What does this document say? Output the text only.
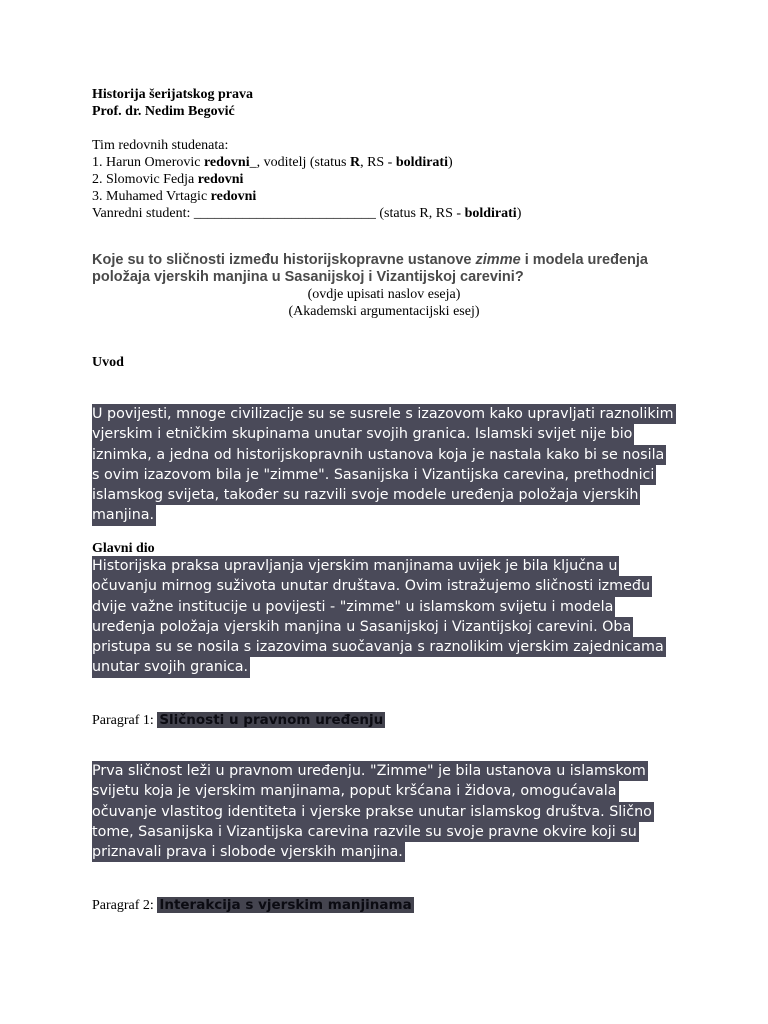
Historija šerijatskog prava
Prof. dr. Nedim Begović
Tim redovnih studenata:
1. Harun Omerovic redovni_, voditelj (status R, RS - boldirati)
2. Slomovic Fedja redovni
3. Muhamed Vrtagic redovni
Vanredni student: __________________________ (status R, RS - boldirati)
Koje su to sličnosti između historijskopravne ustanove zimme i modela uređenja
položaja vjerskih manjina u Sasanijskoj i Vizantijskoj carevini?
(ovdje upisati naslov eseja)
(Akademski argumentacijski esej)
Uvod
U povijesti, mnoge civilizacije su se susrele s izazovom kako upravljati raznolikim
vjerskim i etničkim skupinama unutar svojih granica. Islamski svijet nije bio
iznimka, a jedna od historijskopravnih ustanova koja je nastala kako bi se nosila
s ovim izazovom bila je "zimme". Sasanijska i Vizantijska carevina, prethodnici
islamskog svijeta, također su razvili svoje modele uređenja položaja vjerskih
manjina.
Glavni dio
Historijska praksa upravljanja vjerskim manjinama uvijek je bila ključna u
očuvanju mirnog suživota unutar društava. Ovim istražujemo sličnosti između
dvije važne institucije u povijesti - "zimme" u islamskom svijetu i modela
uređenja položaja vjerskih manjina u Sasanijskoj i Vizantijskoj carevini. Oba
pristupa su se nosila s izazovima suočavanja s raznolikim vjerskim zajednicama
unutar svojih granica.
Paragraf 1: Sličnosti u pravnom uređenju
Prva sličnost leži u pravnom uređenju. "Zimme" je bila ustanova u islamskom
svijetu koja je vjerskim manjinama, poput kršćana i židova, omogućavala
očuvanje vlastitog identiteta i vjerske prakse unutar islamskog društva. Slično
tome, Sasanijska i Vizantijska carevina razvile su svoje pravne okvire koji su
priznavali prava i slobode vjerskih manjina.
Paragraf 2: Interakcija s vjerskim manjinama
